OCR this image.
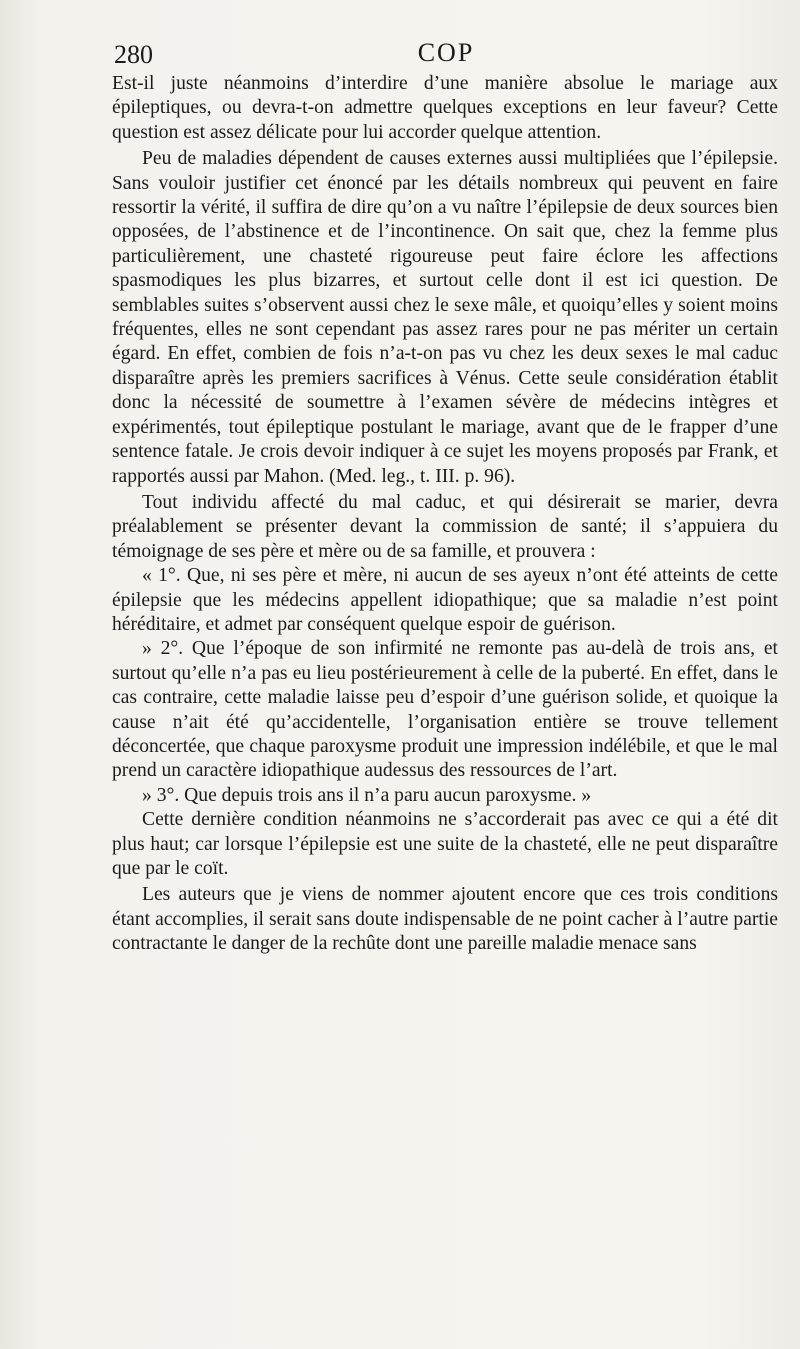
280	COP

Est-il juste néanmoins d’interdire d’une manière absolue le mariage aux épileptiques, ou devra-t-on admettre quelques exceptions en leur faveur? Cette question est assez délicate pour lui accorder quelque attention.

Peu de maladies dépendent de causes externes aussi multipliées que l’épilepsie. Sans vouloir justifier cet énoncé par les détails nombreux qui peuvent en faire ressortir la vérité, il suffira de dire qu’on a vu naître l’épilepsie de deux sources bien opposées, de l’abstinence et de l’incontinence. On sait que, chez la femme plus particulièrement, une chasteté rigoureuse peut faire éclore les affections spasmodiques les plus bizarres, et surtout celle dont il est ici question. De semblables suites s’observent aussi chez le sexe mâle, et quoiqu’elles y soient moins fréquentes, elles ne sont cependant pas assez rares pour ne pas mériter un certain égard. En effet, combien de fois n’a-t-on pas vu chez les deux sexes le mal caduc disparaître après les premiers sacrifices à Vénus. Cette seule considération établit donc la nécessité de soumettre à l’examen sévère de médecins intègres et expérimentés, tout épileptique postulant le mariage, avant que de le frapper d’une sentence fatale. Je crois devoir indiquer à ce sujet les moyens proposés par Frank, et rapportés aussi par Mahon. (Med. leg., t. III. p. 96).

Tout individu affecté du mal caduc, et qui désirerait se marier, devra préalablement se présenter devant la commission de santé; il s’appuiera du témoignage de ses père et mère ou de sa famille, et prouvera :

« 1°. Que, ni ses père et mère, ni aucun de ses ayeux n’ont été atteints de cette épilepsie que les médecins appellent idiopathique; que sa maladie n’est point héréditaire, et admet par conséquent quelque espoir de guérison.

» 2°. Que l’époque de son infirmité ne remonte pas au-delà de trois ans, et surtout qu’elle n’a pas eu lieu postérieurement à celle de la puberté. En effet, dans le cas contraire, cette maladie laisse peu d’espoir d’une guérison solide, et quoique la cause n’ait été qu’accidentelle, l’organisation entière se trouve tellement déconcertée, que chaque paroxysme produit une impression indélébile, et que le mal prend un caractère idiopathique audessus des ressources de l’art.

» 3°. Que depuis trois ans il n’a paru aucun paroxysme. »

Cette dernière condition néanmoins ne s’accorderait pas avec ce qui a été dit plus haut; car lorsque l’épilepsie est une suite de la chasteté, elle ne peut disparaître que par le coït.

Les auteurs que je viens de nommer ajoutent encore que ces trois conditions étant accomplies, il serait sans doute indispensable de ne point cacher à l’autre partie contractante le danger de la rechûte dont une pareille maladie menace sans
